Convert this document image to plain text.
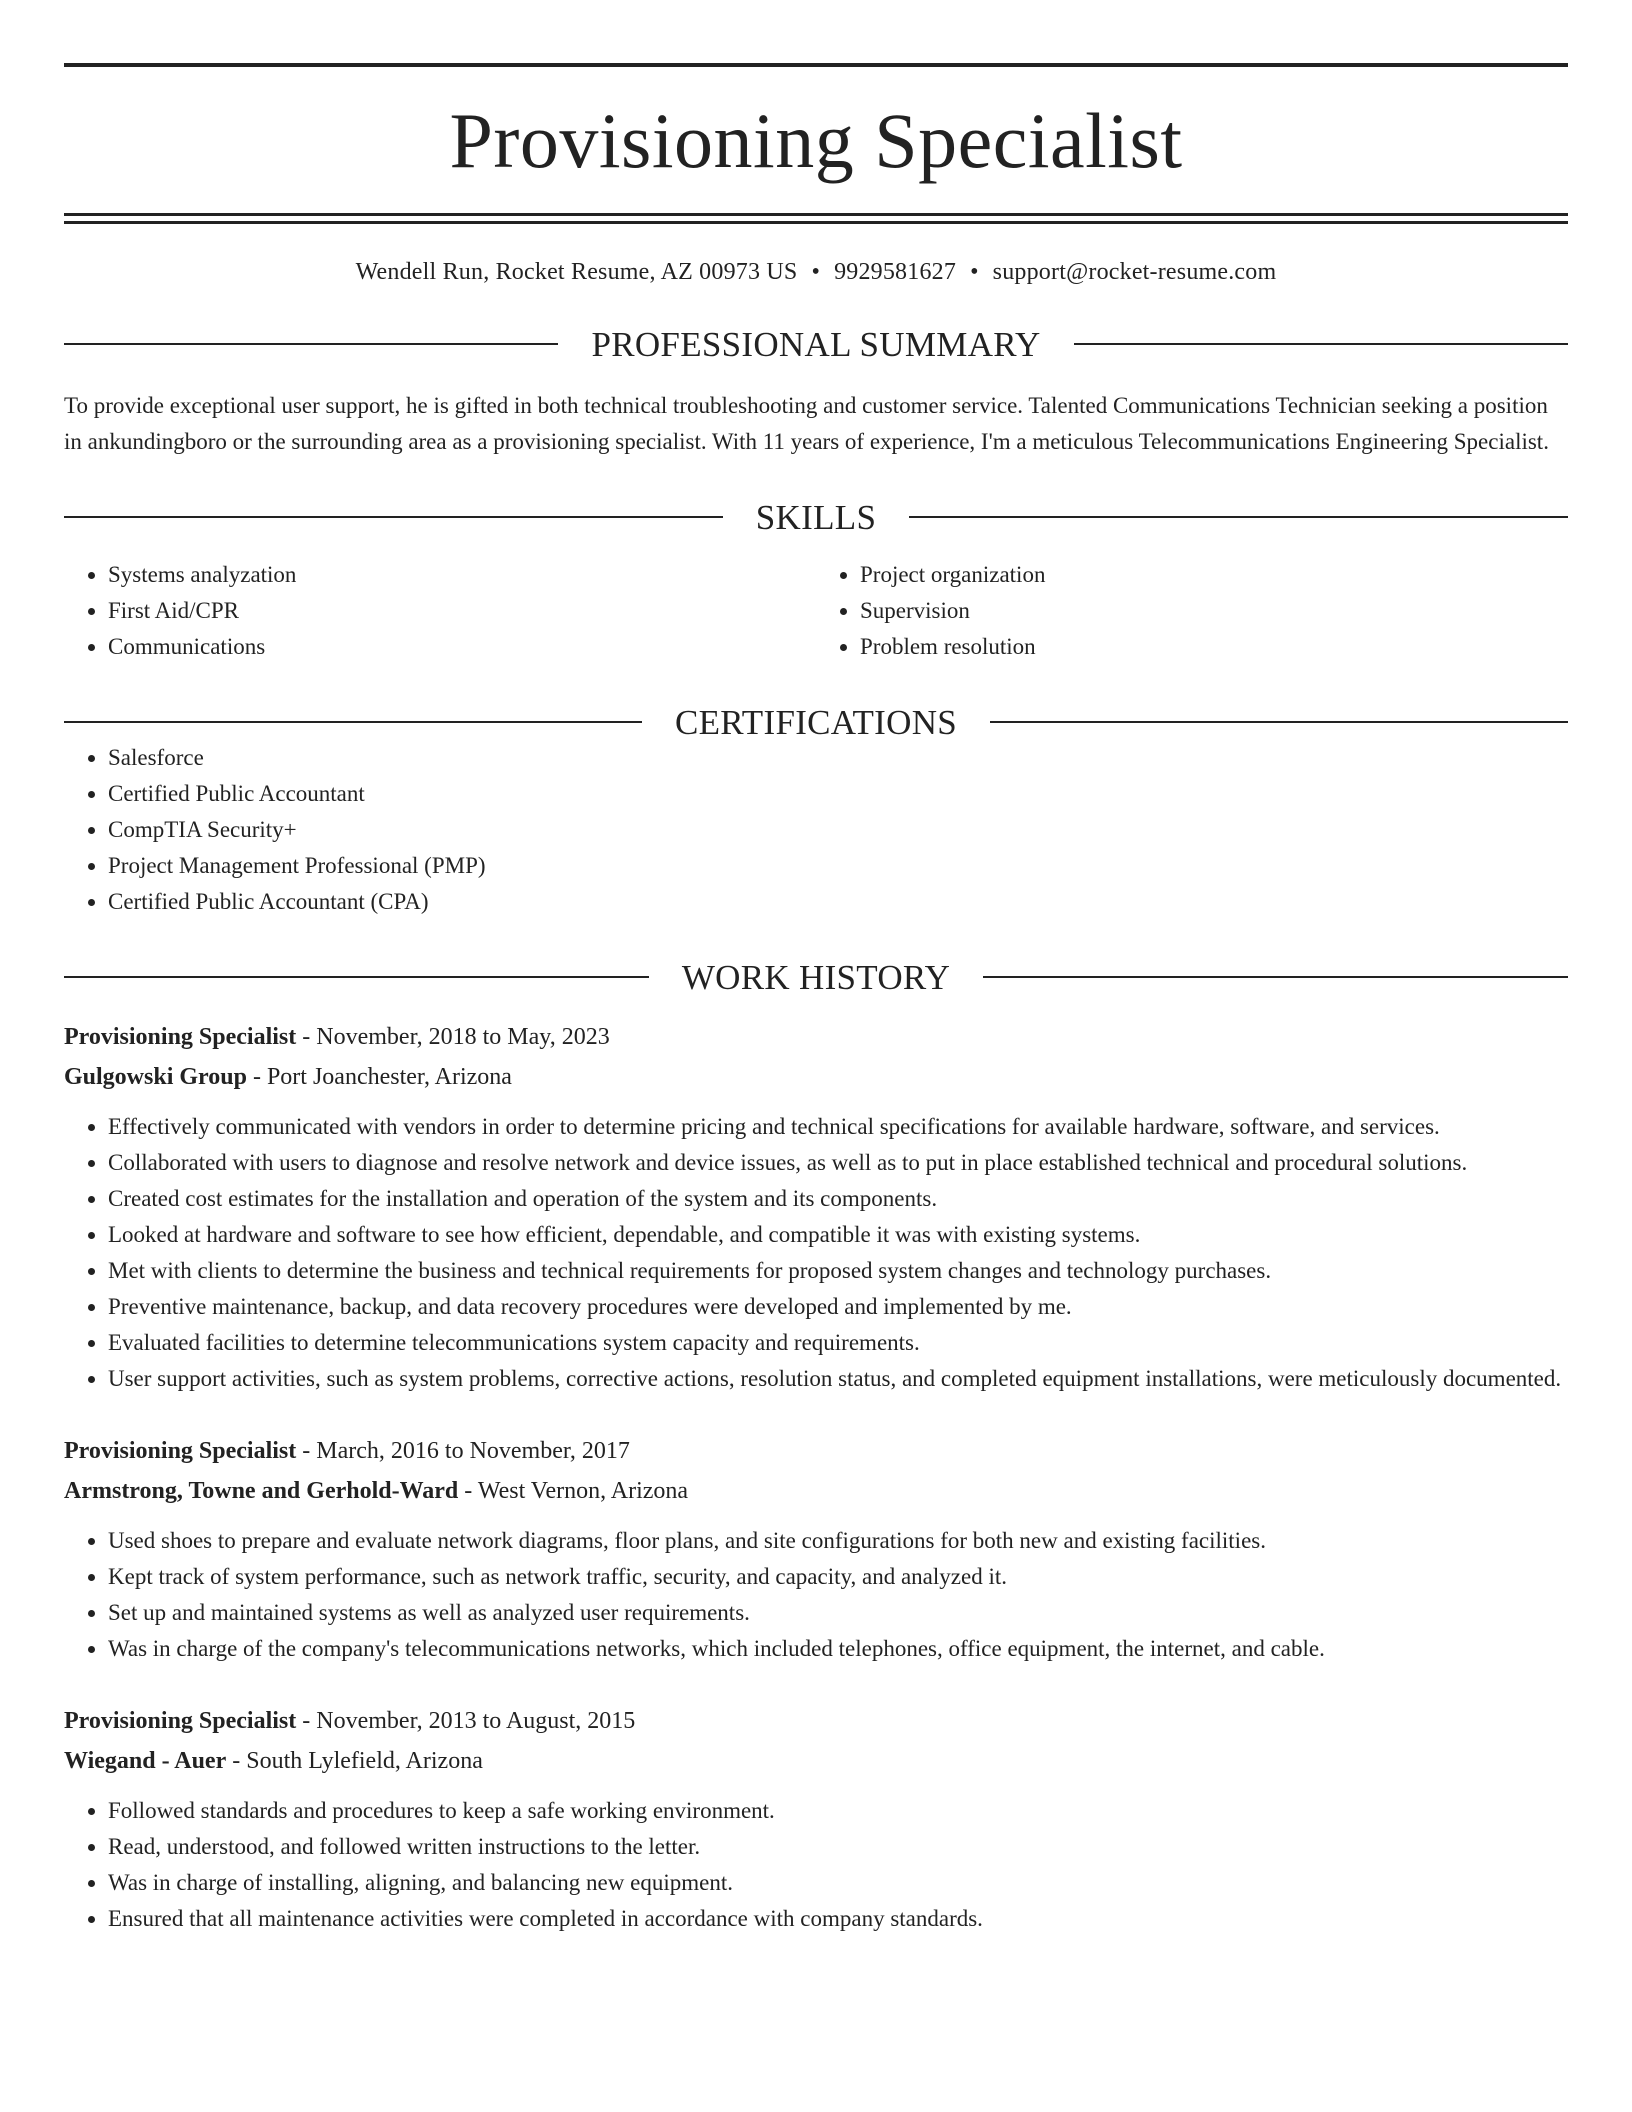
Provisioning Specialist
Wendell Run, Rocket Resume, AZ 00973 US • 9929581627 • support@rocket-resume.com
PROFESSIONAL SUMMARY
To provide exceptional user support, he is gifted in both technical troubleshooting and customer service. Talented Communications Technician seeking a position in ankundingboro or the surrounding area as a provisioning specialist. With 11 years of experience, I'm a meticulous Telecommunications Engineering Specialist.
SKILLS
• Systems analyzation
• First Aid/CPR
• Communications
• Project organization
• Supervision
• Problem resolution
CERTIFICATIONS
• Salesforce
• Certified Public Accountant
• CompTIA Security+
• Project Management Professional (PMP)
• Certified Public Accountant (CPA)
WORK HISTORY
Provisioning Specialist - November, 2018 to May, 2023
Gulgowski Group - Port Joanchester, Arizona
• Effectively communicated with vendors in order to determine pricing and technical specifications for available hardware, software, and services.
• Collaborated with users to diagnose and resolve network and device issues, as well as to put in place established technical and procedural solutions.
• Created cost estimates for the installation and operation of the system and its components.
• Looked at hardware and software to see how efficient, dependable, and compatible it was with existing systems.
• Met with clients to determine the business and technical requirements for proposed system changes and technology purchases.
• Preventive maintenance, backup, and data recovery procedures were developed and implemented by me.
• Evaluated facilities to determine telecommunications system capacity and requirements.
• User support activities, such as system problems, corrective actions, resolution status, and completed equipment installations, were meticulously documented.
Provisioning Specialist - March, 2016 to November, 2017
Armstrong, Towne and Gerhold-Ward - West Vernon, Arizona
• Used shoes to prepare and evaluate network diagrams, floor plans, and site configurations for both new and existing facilities.
• Kept track of system performance, such as network traffic, security, and capacity, and analyzed it.
• Set up and maintained systems as well as analyzed user requirements.
• Was in charge of the company's telecommunications networks, which included telephones, office equipment, the internet, and cable.
Provisioning Specialist - November, 2013 to August, 2015
Wiegand - Auer - South Lylefield, Arizona
• Followed standards and procedures to keep a safe working environment.
• Read, understood, and followed written instructions to the letter.
• Was in charge of installing, aligning, and balancing new equipment.
• Ensured that all maintenance activities were completed in accordance with company standards.
